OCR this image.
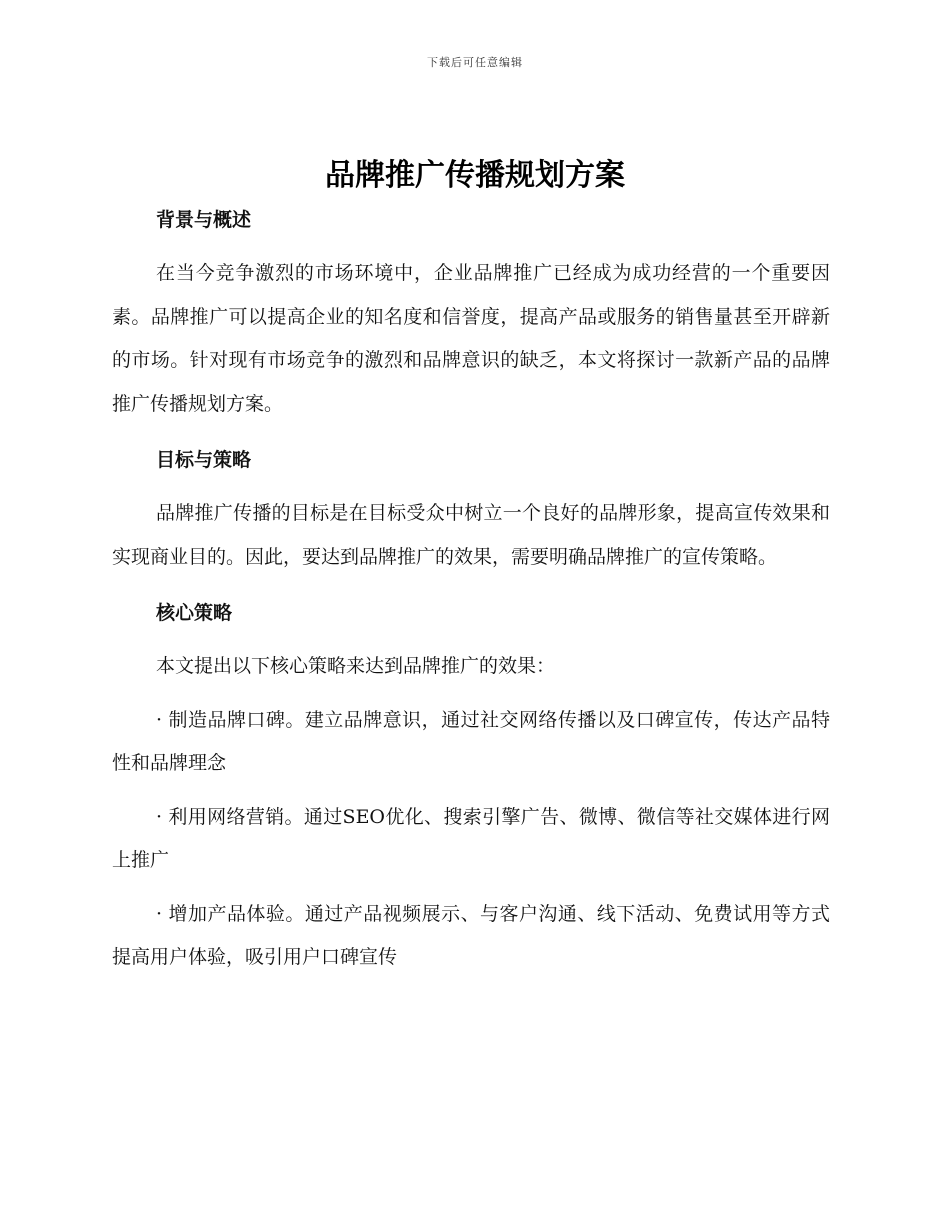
下载后可任意编辑
品牌推广传播规划方案
背景与概述

在当今竞争激烈的市场环境中，企业品牌推广已经成为成功经营的一个重要因素。品牌推广可以提高企业的知名度和信誉度，提高产品或服务的销售量甚至开辟新的市场。针对现有市场竞争的激烈和品牌意识的缺乏，本文将探讨一款新产品的品牌推广传播规划方案。

目标与策略

品牌推广传播的目标是在目标受众中树立一个良好的品牌形象，提高宣传效果和实现商业目的。因此，要达到品牌推广的效果，需要明确品牌推广的宣传策略。

核心策略

本文提出以下核心策略来达到品牌推广的效果：

· 制造品牌口碑。建立品牌意识，通过社交网络传播以及口碑宣传，传达产品特性和品牌理念

· 利用网络营销。通过SEO优化、搜索引擎广告、微博、微信等社交媒体进行网上推广

· 增加产品体验。通过产品视频展示、与客户沟通、线下活动、免费试用等方式提高用户体验，吸引用户口碑宣传
